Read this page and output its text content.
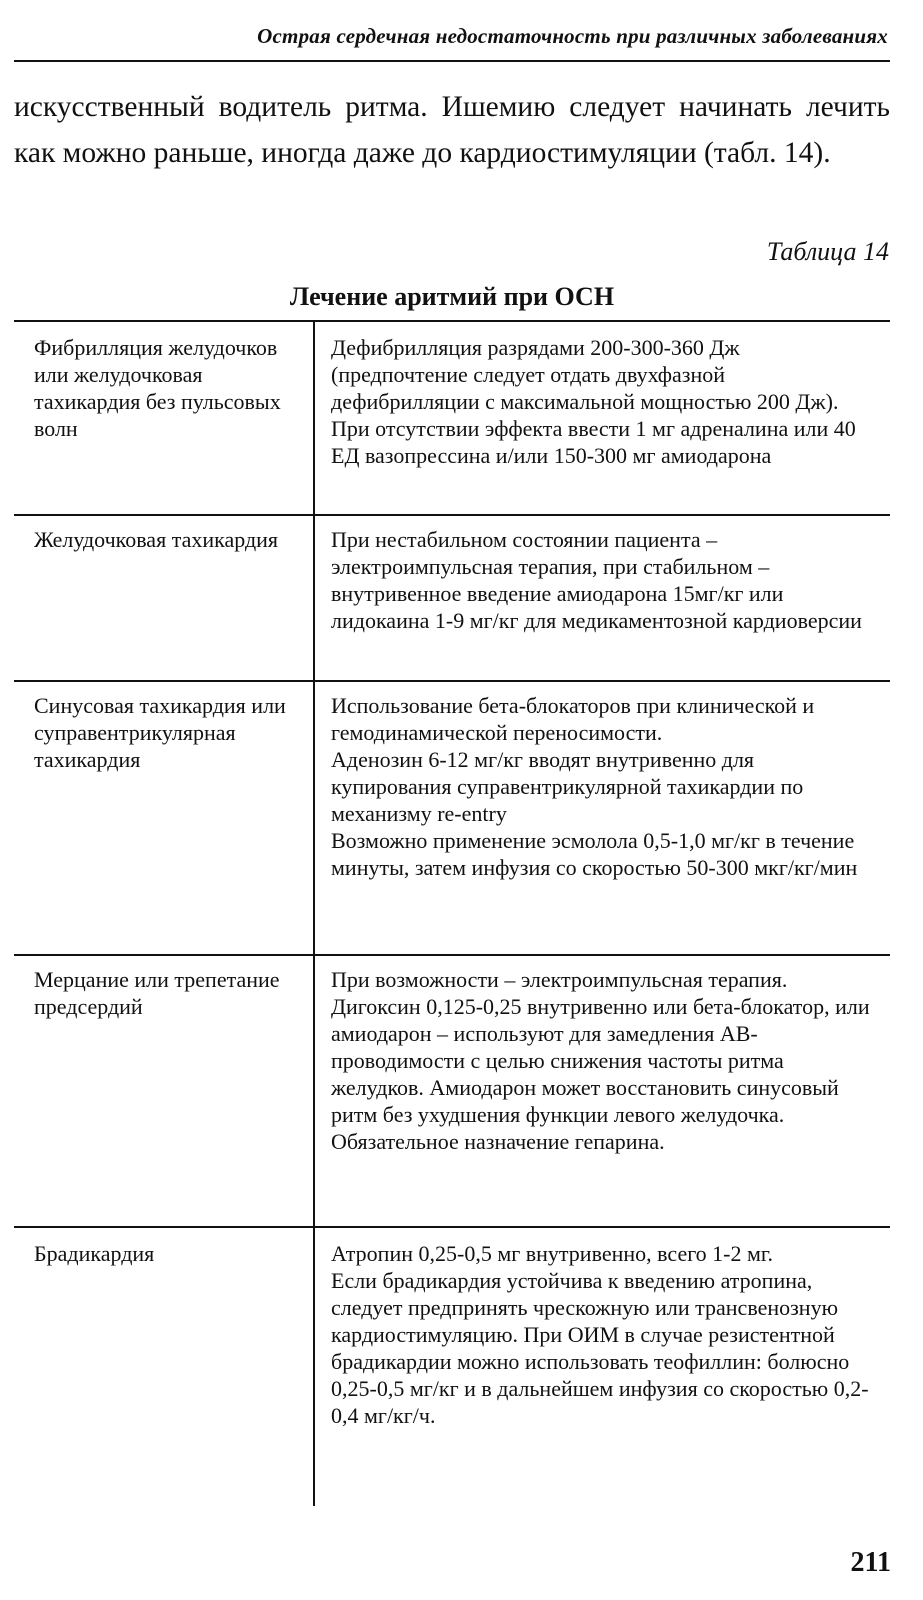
Острая сердечная недостаточность при различных заболеваниях
искусственный водитель ритма. Ишемию следует начинать лечить как можно раньше, иногда даже до кардиостимуляции (табл. 14).
Таблица 14
Лечение аритмий при ОСН
Фибрилляция желудочков или желудочковая тахикардия без пульсовых волн

Дефибрилляция разрядами 200-300-360 Дж (предпочтение следует отдать двухфазной дефибрилляции с максимальной мощностью 200 Дж). При отсутствии эффекта ввести 1 мг адреналина или 40 ЕД вазопрессина и/или 150-300 мг амиодарона

Желудочковая тахикардия	При нестабильном состоянии пациента – электроимпульсная терапия, при стабильном – внутривенное введение амиодарона 15мг/кг или лидокаина 1-9 мг/кг для медикаментозной кардиоверсии

Синусовая тахикардия или суправентрикулярная тахикардия

Использование бета-блокаторов при клинической и гемодинамической переносимости.

Аденозин 6-12 мг/кг вводят внутривенно для купирования суправентрикулярной тахикардии по механизму re-entry

Возможно применение эсмолола 0,5-1,0 мг/кг в течение минуты, затем инфузия со скоростью 50-300 мкг/кг/мин

Мерцание или трепетание предсердий

При возможности – электроимпульсная терапия. Дигоксин 0,125-0,25 внутривенно или бета-блокатор, или амиодарон – используют для замедления АВ-проводимости с целью снижения частоты ритма желудков. Амиодарон может восстановить синусовый ритм без ухудшения функции левого желудочка. Обязательное назначение гепарина.

Брадикардия	Атропин 0,25-0,5 мг внутривенно, всего 1-2 мг.

Если брадикардия устойчива к введению атропина, следует предпринять чрескожную или трансвенозную кардиостимуляцию. При ОИМ в случае резистентной брадикардии можно использовать теофиллин: болюсно 0,25-0,5 мг/кг и в дальнейшем инфузия со скоростью 0,2-0,4 мг/кг/ч.

211
